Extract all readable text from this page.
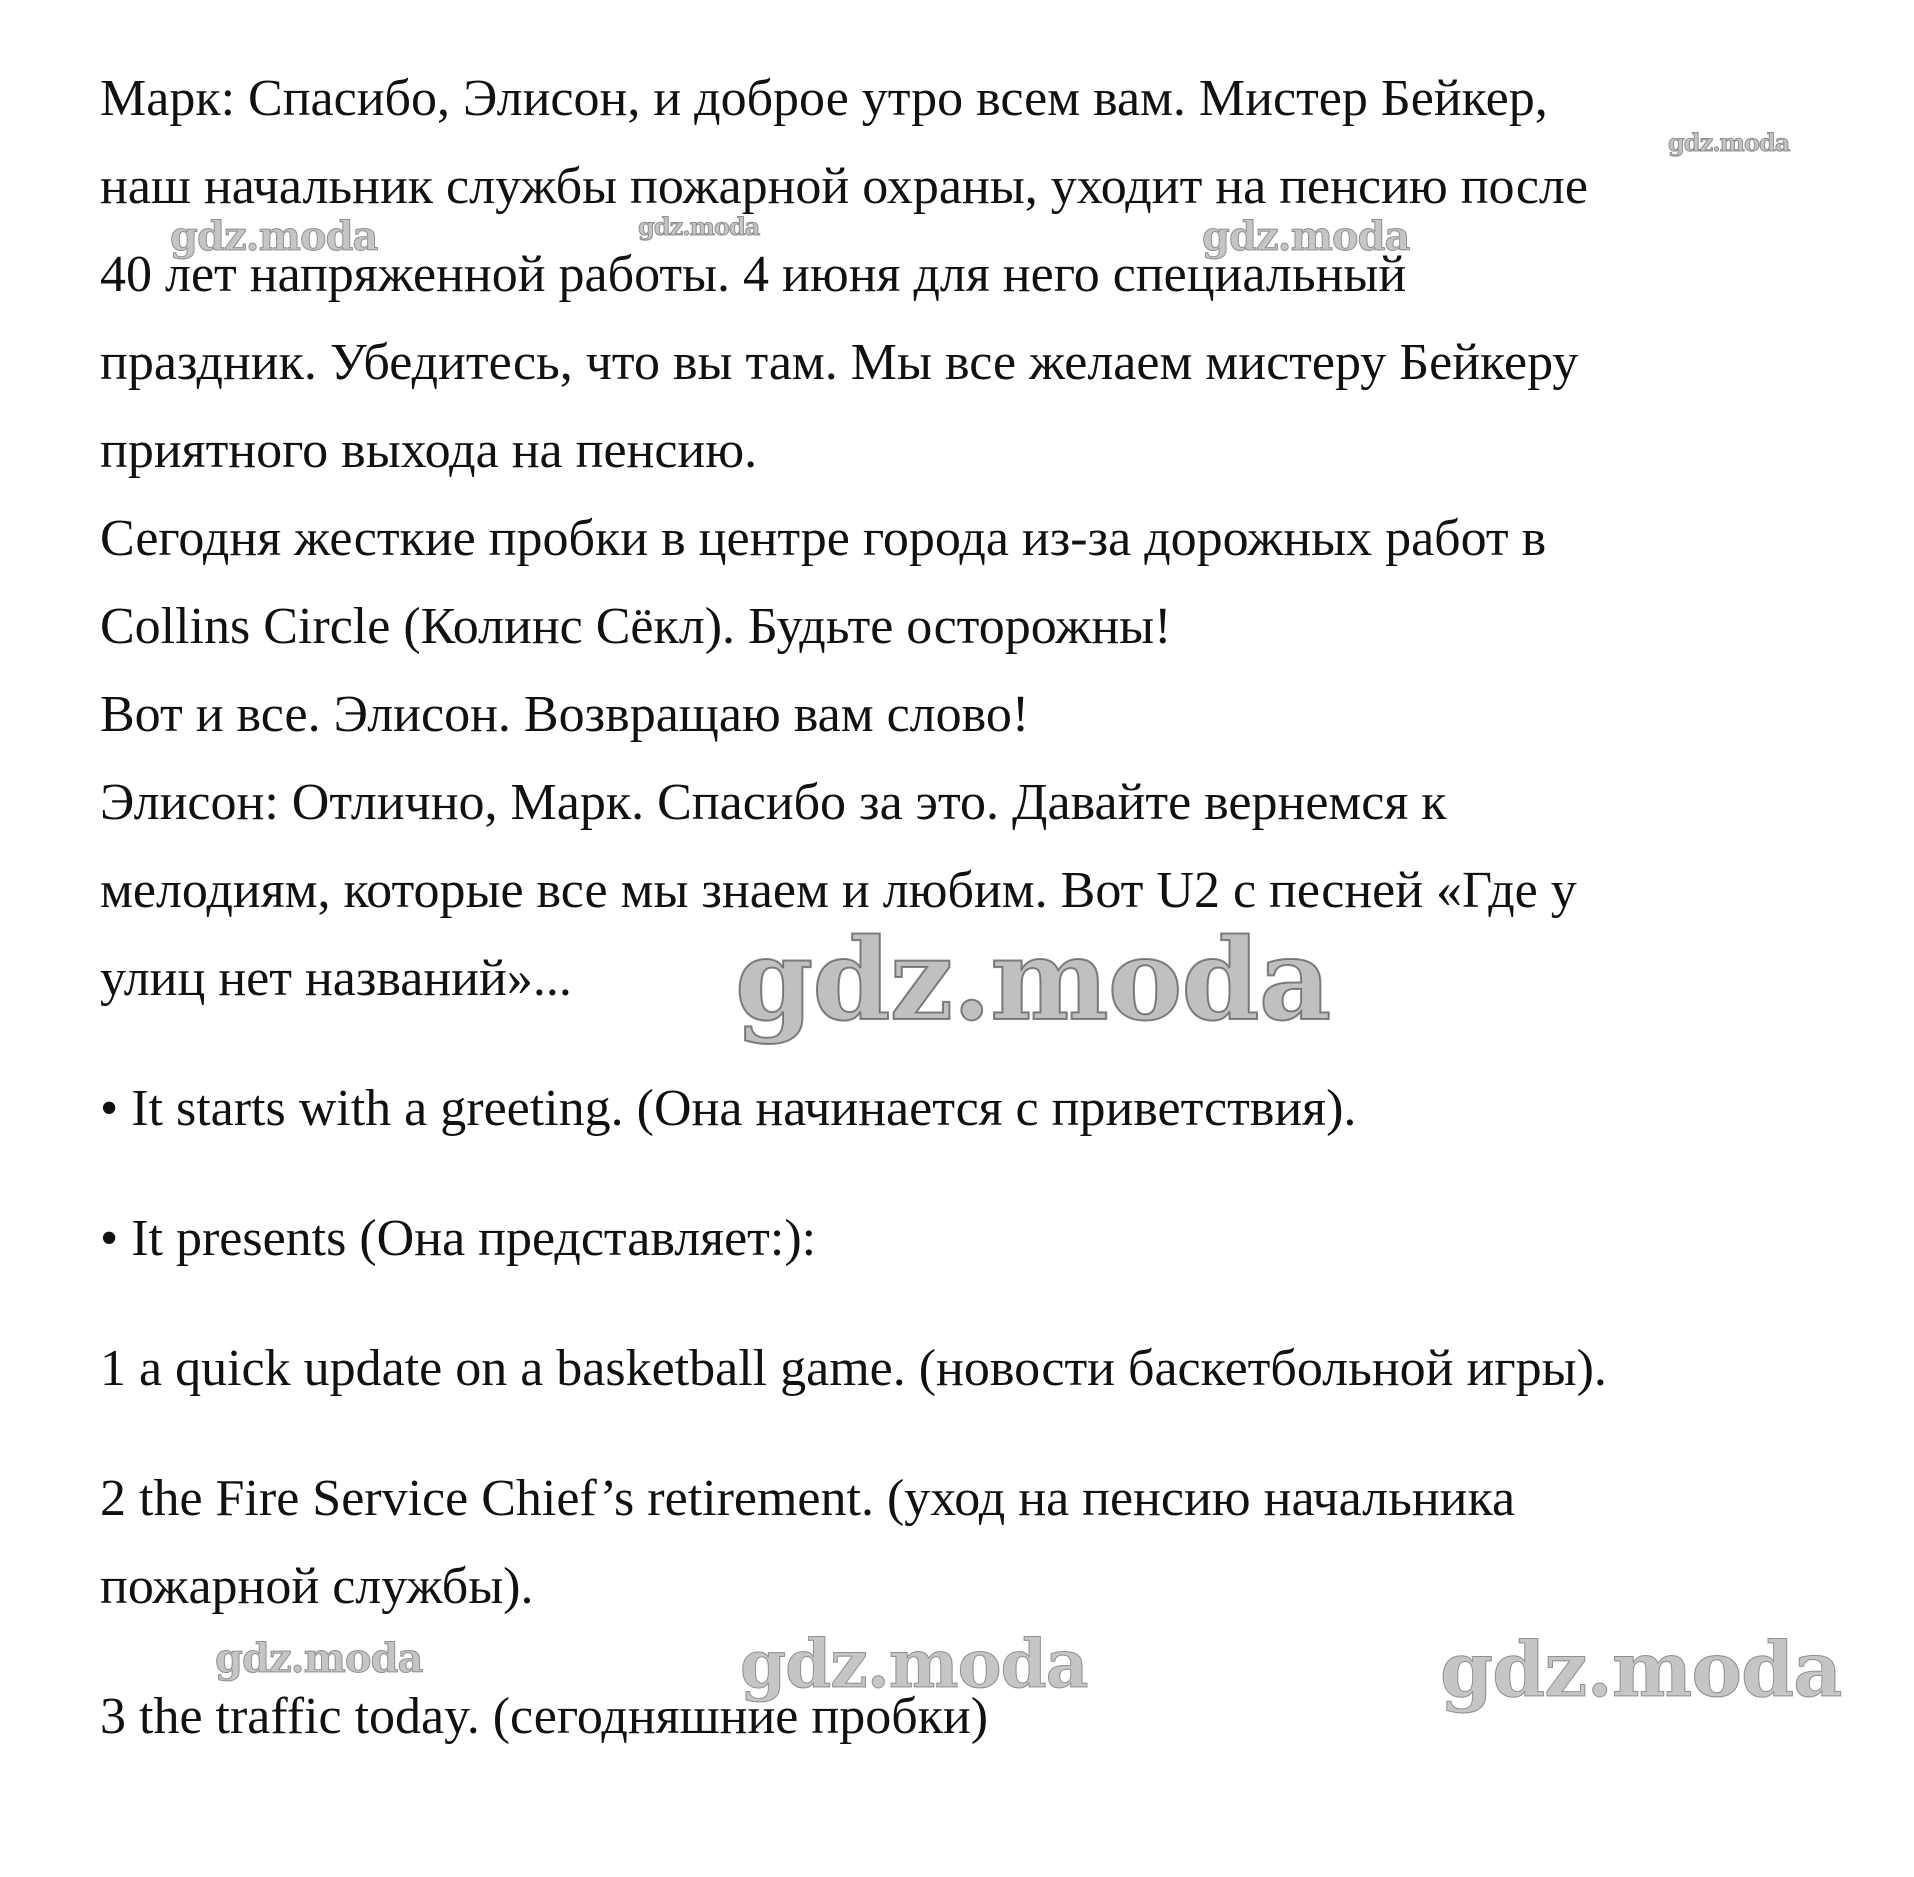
Марк: Спасибо, Элисон, и доброе утро всем вам. Мистер Бейкер,
наш начальник службы пожарной охраны, уходит на пенсию после
40 лет напряженной работы. 4 июня для него специальный
праздник. Убедитесь, что вы там. Мы все желаем мистеру Бейкеру
приятного выхода на пенсию.

Сегодня жесткие пробки в центре города из-за дорожных работ в
Collins Circle (Колинс Сёкл). Будьте осторожны!

Вот и все. Элисон. Возвращаю вам слово!

Элисон: Отлично, Марк. Спасибо за это. Давайте вернемся к
мелодиям, которые все мы знаем и любим. Вот U2 с песней «Где у
улиц нет названий»...

• It starts with a greeting. (Она начинается с приветствия).

• It presents (Она представляет:):

1 a quick update on a basketball game. (новости баскетбольной игры).

2 the Fire Service Chief’s retirement. (уход на пенсию начальника
пожарной службы).

3 the traffic today. (сегодняшние пробки)

gdz.moda
gdz.moda	gdz.moda	gdz.moda
gdz.moda
gdz.moda	gdz.moda	gdz.moda
